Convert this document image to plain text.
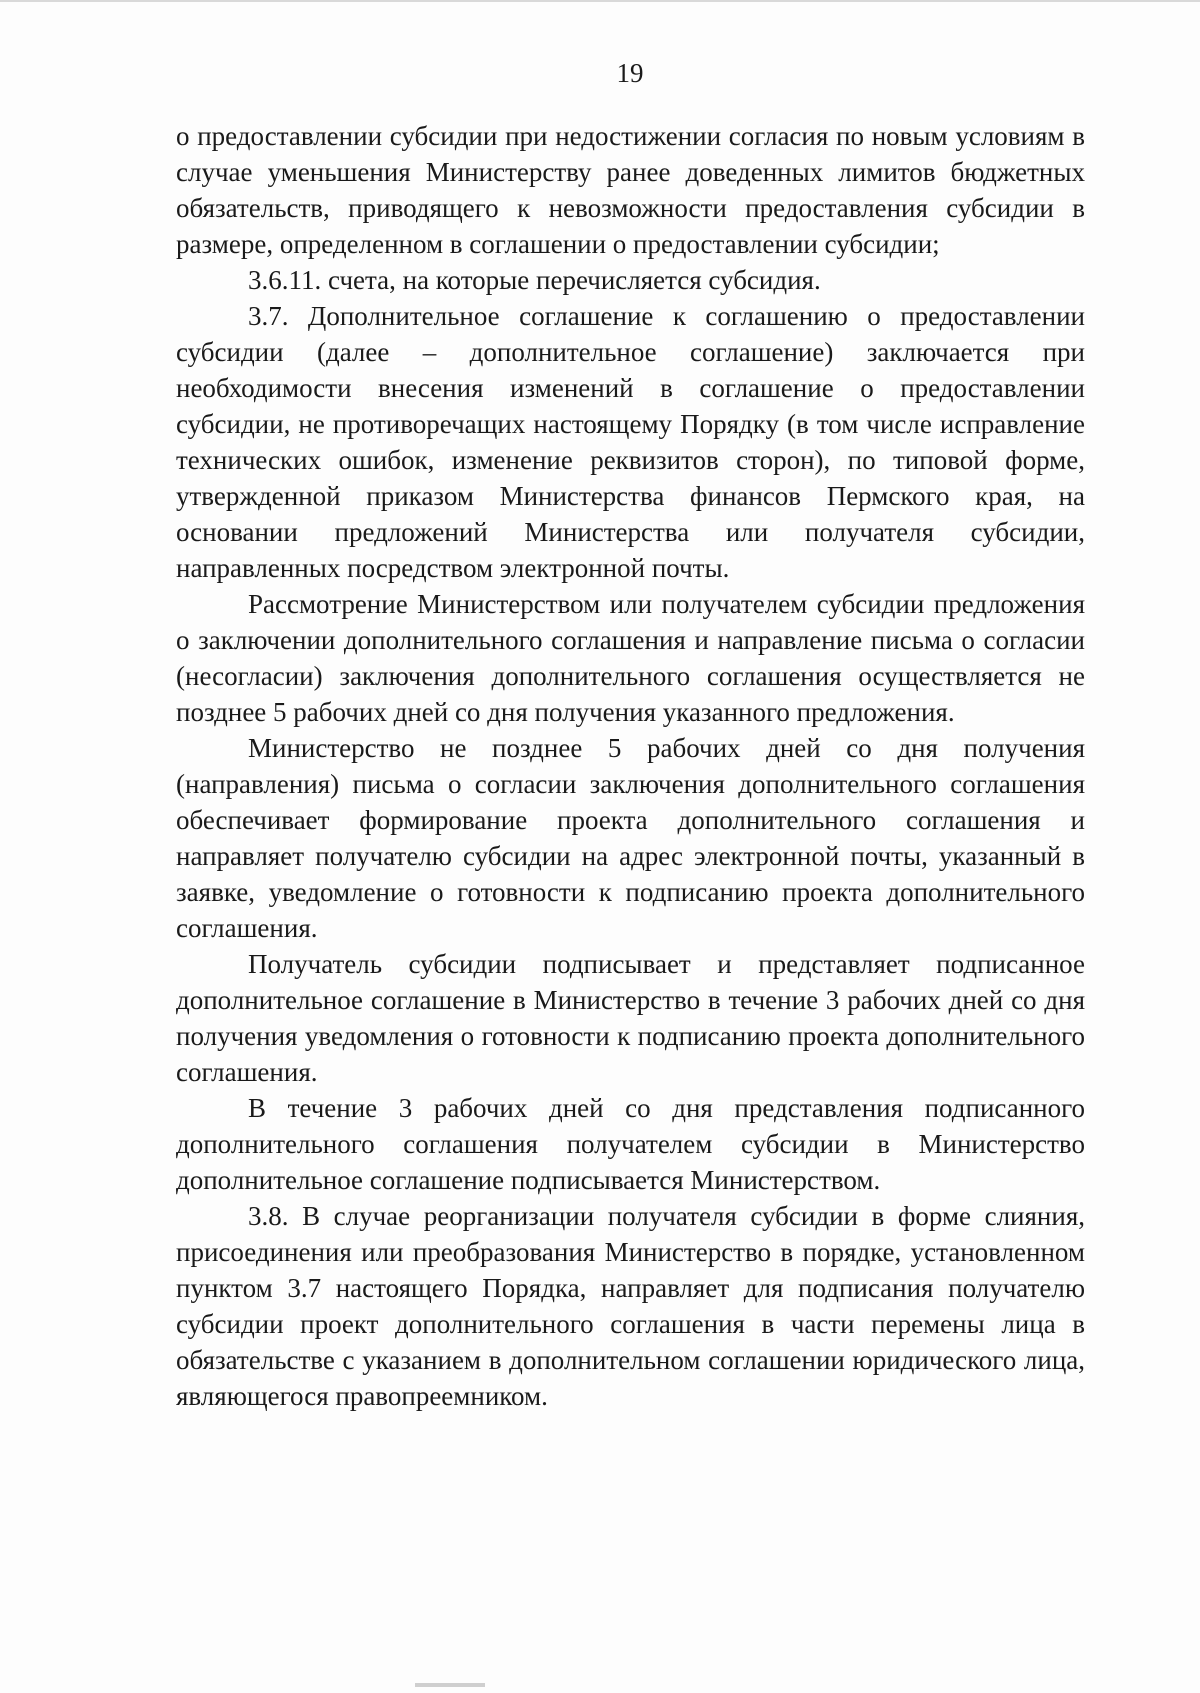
19

о предоставлении субсидии при недостижении согласия по новым условиям в случае уменьшения Министерству ранее доведенных лимитов бюджетных обязательств, приводящего к невозможности предоставления субсидии в размере, определенном в соглашении о предоставлении субсидии;

3.6.11. счета, на которые перечисляется субсидия.

3.7. Дополнительное соглашение к соглашению о предоставлении субсидии (далее – дополнительное соглашение) заключается при необходимости внесения изменений в соглашение о предоставлении субсидии, не противоречащих настоящему Порядку (в том числе исправление технических ошибок, изменение реквизитов сторон), по типовой форме, утвержденной приказом Министерства финансов Пермского края, на основании предложений Министерства или получателя субсидии, направленных посредством электронной почты.

Рассмотрение Министерством или получателем субсидии предложения о заключении дополнительного соглашения и направление письма о согласии (несогласии) заключения дополнительного соглашения осуществляется не позднее 5 рабочих дней со дня получения указанного предложения.

Министерство не позднее 5 рабочих дней со дня получения (направления) письма о согласии заключения дополнительного соглашения обеспечивает формирование проекта дополнительного соглашения и направляет получателю субсидии на адрес электронной почты, указанный в заявке, уведомление о готовности к подписанию проекта дополнительного соглашения.

Получатель субсидии подписывает и представляет подписанное дополнительное соглашение в Министерство в течение 3 рабочих дней со дня получения уведомления о готовности к подписанию проекта дополнительного соглашения.

В течение 3 рабочих дней со дня представления подписанного дополнительного соглашения получателем субсидии в Министерство дополнительное соглашение подписывается Министерством.

3.8. В случае реорганизации получателя субсидии в форме слияния, присоединения или преобразования Министерство в порядке, установленном пунктом 3.7 настоящего Порядка, направляет для подписания получателю субсидии проект дополнительного соглашения в части перемены лица в обязательстве с указанием в дополнительном соглашении юридического лица, являющегося правопреемником.
